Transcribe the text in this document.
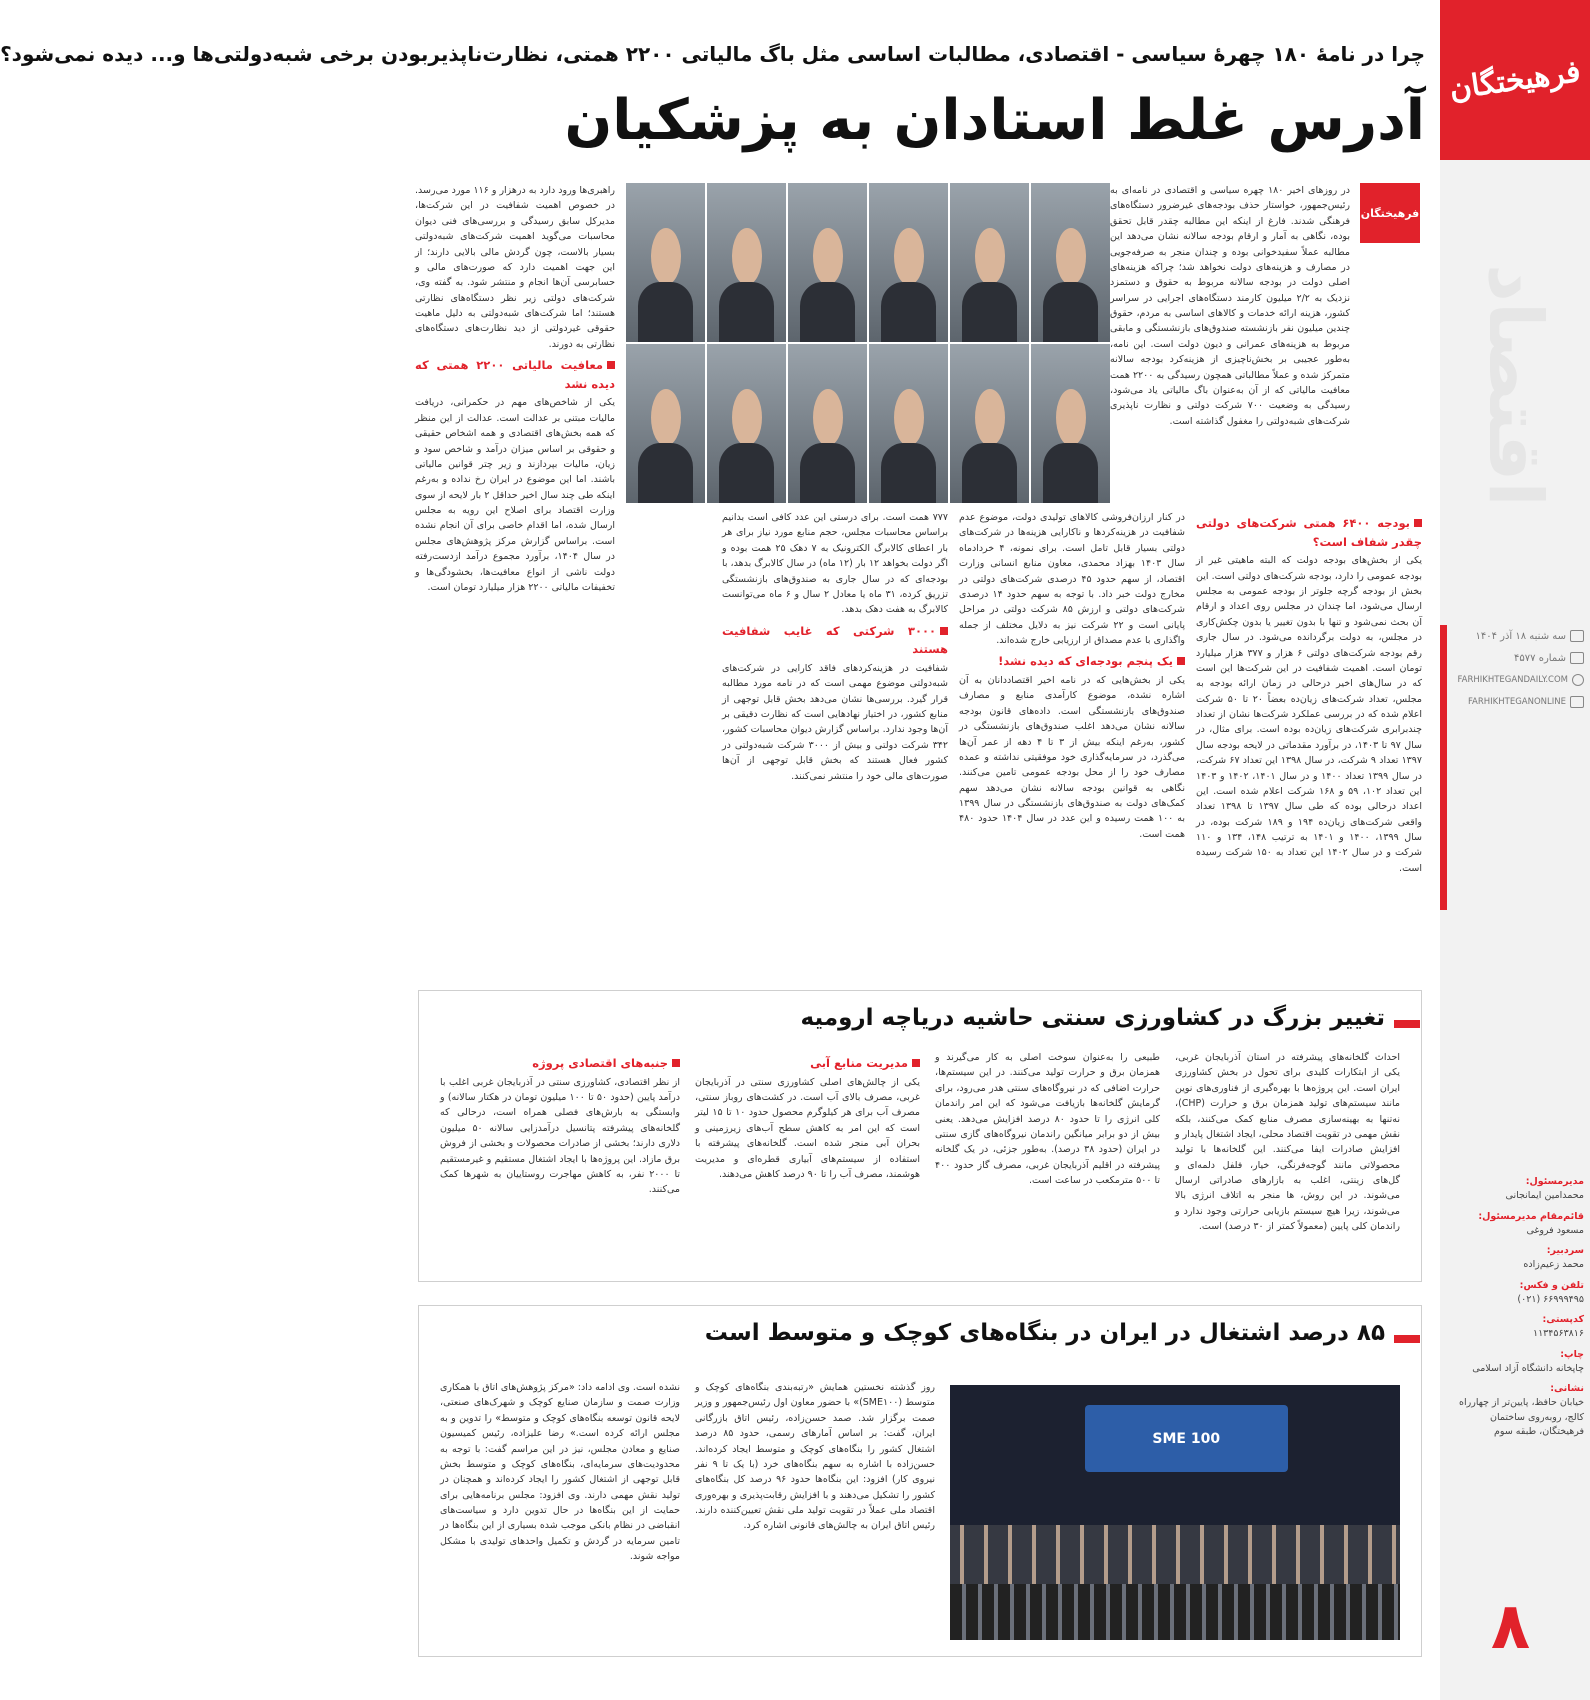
فرهیختگان
اقتصاد
سه شنبه ۱۸ آذر ۱۴۰۴
شماره ۴۵۷۷
FARHIKHTEGANDAILY.COM
FARHIKHTEGANONLINE
مدیرمسئول:
محمدامین ایمانجانی
قائم‌مقام مدیرمسئول:
مسعود فروغی
سردبیر:
محمد زعیم‌زاده
تلفن و فکس:
۶۶۹۹۹۴۹۵ (۰۲۱)
کدپستی:
۱۱۳۴۵۶۳۸۱۶
چاپ:
چاپخانه دانشگاه آزاد اسلامی
نشانی:
خیابان حافظ، پایین‌تر از چهارراه کالج، روبه‌روی ساختمان فرهیختگان، طبقه سوم
۸
چرا در نامهٔ ۱۸۰ چهرهٔ سیاسی - اقتصادی، مطالبات اساسی مثل باگ مالیاتی ۲۲۰۰ همتی، نظارت‌ناپذیربودن برخی شبه‌دولتی‌ها و... دیده نمی‌شود؟
آدرس غلط استادان به پزشکیان
فرهیختگان
در روزهای اخیر ۱۸۰ چهره سیاسی و اقتصادی در نامه‌ای به رئیس‌جمهور، خواستار حذف بودجه‌های غیرضرور دستگاه‌های فرهنگی شدند. فارغ از اینکه این مطالبه چقدر قابل تحقق بوده، نگاهی به آمار و ارقام بودجه سالانه نشان می‌دهد این مطالبه عملاً سفیدخوانی بوده و چندان منجر به صرفه‌جویی در مصارف و هزینه‌های دولت نخواهد شد؛ چراکه هزینه‌های اصلی دولت در بودجه سالانه مربوط به حقوق و دستمزد نزدیک به ۲/۲ میلیون کارمند دستگاه‌های اجرایی در سراسر کشور، هزینه ارائه خدمات و کالاهای اساسی به مردم، حقوق چندین میلیون نفر بازنشسته صندوق‌های بازنشستگی و مابقی مربوط به هزینه‌های عمرانی و دیون دولت است. این نامه، به‌طور عجیبی بر بخش‌ناچیزی از هزینه‌کرد بودجه سالانه متمرکز شده و عملاً مطالباتی همچون رسیدگی به ۲۲۰۰ همت معافیت مالیاتی که از آن به‌عنوان باگ مالیاتی یاد می‌شود، رسیدگی به وضعیت ۷۰۰ شرکت دولتی و نظارت ناپذیری شرکت‌های شبه‌دولتی را مغفول گذاشته است.
راهبری‌ها ورود دارد به درهزار و ۱۱۶ مورد می‌رسد. در خصوص اهمیت شفافیت در این شرکت‌ها، مدیرکل سابق رسیدگی و بررسی‌های فنی دیوان محاسبات می‌گوید اهمیت شرکت‌های شبه‌دولتی بسیار بالاست، چون گردش مالی بالایی دارند؛ از این جهت اهمیت دارد که صورت‌های مالی و حسابرسی آن‌ها انجام و منتشر شود. به گفته وی، شرکت‌های دولتی زیر نظر دستگاه‌های نظارتی هستند؛ اما شرکت‌های شبه‌دولتی به دلیل ماهیت حقوقی غیردولتی از دید نظارت‌های دستگاه‌های نظارتی به دورند.
معافیت مالیاتی ۲۲۰۰ همتی که دیده نشد
یکی از شاخص‌های مهم در حکمرانی، دریافت مالیات مبتنی بر عدالت است. عدالت از این منظر که همه بخش‌های اقتصادی و همه اشخاص حقیقی و حقوقی بر اساس میزان درآمد و شاخص سود و زیان، مالیات بپردازند و زیر چتر قوانین مالیاتی باشند. اما این موضوع در ایران رخ نداده و به‌رغم اینکه طی چند سال اخیر حداقل ۲ بار لایحه از سوی وزارت اقتصاد برای اصلاح این رویه به مجلس ارسال شده، اما اقدام خاصی برای آن انجام نشده است. براساس گزارش مرکز پژوهش‌های مجلس در سال ۱۴۰۴، برآورد مجموع درآمد ازدست‌رفته دولت ناشی از انواع معافیت‌ها، بخشودگی‌ها و تخفیفات مالیاتی ۲۲۰۰ هزار میلیارد تومان است.
بودجه ۶۴۰۰ همتی شرکت‌های دولتی چقدر شفاف است؟
یکی از بخش‌های بودجه دولت که البته ماهیتی غیر از بودجه عمومی را دارد، بودجه شرکت‌های دولتی است. این بخش از بودجه گرچه جلوتر از بودجه عمومی به مجلس ارسال می‌شود، اما چندان در مجلس روی اعداد و ارقام آن بحث نمی‌شود و تنها با بدون تغییر یا بدون چکش‌کاری در مجلس، به دولت برگردانده می‌شود. در سال جاری رقم بودجه شرکت‌های دولتی ۶ هزار و ۳۷۷ هزار میلیارد تومان است. اهمیت شفافیت در این شرکت‌ها این است که در سال‌های اخیر درحالی در زمان ارائه بودجه به مجلس، تعداد شرکت‌های زیان‌ده بعضاً ۲۰ تا ۵۰ شرکت اعلام شده که در بررسی عملکرد شرکت‌ها نشان از تعداد چندبرابری شرکت‌های زیان‌ده بوده است. برای مثال، در سال ۹۷ تا ۱۴۰۳، در برآورد مقدماتی در لایحه بودجه سال ۱۳۹۷ تعداد ۹ شرکت، در سال ۱۳۹۸ این تعداد ۶۷ شرکت، در سال ۱۳۹۹ تعداد ۱۴۰۰ و در سال ۱۴۰۱، ۱۴۰۲ و ۱۴۰۳ این تعداد ۱۰۲، ۵۹ و ۱۶۸ شرکت اعلام شده است. این اعداد درحالی بوده که طی سال ۱۳۹۷ تا ۱۳۹۸ تعداد واقعی شرکت‌های زیان‌ده ۱۹۴ و ۱۸۹ شرکت بوده، در سال ۱۳۹۹، ۱۴۰۰ و ۱۴۰۱ به ترتیب ۱۴۸، ۱۳۴ و ۱۱۰ شرکت و در سال ۱۴۰۲ این تعداد به ۱۵۰ شرکت رسیده است.
در کنار ارزان‌فروشی کالاهای تولیدی دولت، موضوع عدم شفافیت در هزینه‌کردها و ناکارایی هزینه‌ها در شرکت‌های دولتی بسیار قابل تامل است. برای نمونه، ۴ خردادماه سال ۱۴۰۳ بهزاد محمدی، معاون منابع انسانی وزارت اقتصاد، از سهم حدود ۴۵ درصدی شرکت‌های دولتی در مخارج دولت خبر داد. با توجه به سهم حدود ۱۴ درصدی شرکت‌های دولتی و ارزش ۸۵ شرکت دولتی در مراحل پایانی است و ۲۲ شرکت نیز به دلایل مختلف از جمله واگذاری با عدم مصداق از ارزیابی خارج شده‌اند.
یک پنجم بودجه‌ای که دیده نشد!
یکی از بخش‌هایی که در نامه اخیر اقتصاددانان به آن اشاره نشده، موضوع کارآمدی منابع و مصارف صندوق‌های بازنشستگی است. داده‌های قانون بودجه سالانه نشان می‌دهد اغلب صندوق‌های بازنشستگی در کشور، به‌رغم اینکه بیش از ۳ تا ۴ دهه از عمر آن‌ها می‌گذرد، در سرمایه‌گذاری خود موفقیتی نداشته و عمده مصارف خود را از محل بودجه عمومی تامین می‌کنند. نگاهی به قوانین بودجه سالانه نشان می‌دهد سهم کمک‌های دولت به صندوق‌های بازنشستگی در سال ۱۳۹۹ به ۱۰۰ همت رسیده و این عدد در سال ۱۴۰۴ حدود ۴۸۰ همت است.
۷۷۷ همت است. برای درستی این عدد کافی است بدانیم براساس محاسبات مجلس، حجم منابع مورد نیاز برای هر بار اعطای کالابرگ الکترونیک به ۷ دهک ۲۵ همت بوده و اگر دولت بخواهد ۱۲ بار (۱۲ ماه) در سال کالابرگ بدهد، با بودجه‌ای که در سال جاری به صندوق‌های بازنشستگی تزریق کرده، ۳۱ ماه یا معادل ۲ سال و ۶ ماه می‌توانست کالابرگ به هفت دهک بدهد.
۳۰۰۰ شرکتی که غایب شفافیت هستند
شفافیت در هزینه‌کردهای فاقد کارایی در شرکت‌های شبه‌دولتی موضوع مهمی است که در نامه مورد مطالبه قرار گیرد. بررسی‌ها نشان می‌دهد بخش قابل توجهی از منابع کشور، در اختیار نهادهایی است که نظارت دقیقی بر آن‌ها وجود ندارد. براساس گزارش دیوان محاسبات کشور، ۳۴۲ شرکت دولتی و بیش از ۳۰۰۰ شرکت شبه‌دولتی در کشور فعال هستند که بخش قابل توجهی از آن‌ها صورت‌های مالی خود را منتشر نمی‌کنند.
تغییر بزرگ در کشاورزی سنتی حاشیه دریاچه ارومیه
احداث گلخانه‌های پیشرفته در استان آذربایجان غربی، یکی از ابتکارات کلیدی برای تحول در بخش کشاورزی ایران است. این پروژه‌ها با بهره‌گیری از فناوری‌های نوین مانند سیستم‌های تولید همزمان برق و حرارت (CHP)، نه‌تنها به بهینه‌سازی مصرف منابع کمک می‌کنند، بلکه نقش مهمی در تقویت اقتصاد محلی، ایجاد اشتغال پایدار و افزایش صادرات ایفا می‌کنند. این گلخانه‌ها با تولید محصولاتی مانند گوجه‌فرنگی، خیار، فلفل دلمه‌ای و گل‌های زینتی، اغلب به بازارهای صادراتی ارسال می‌شوند. در این روش، ها منجر به اتلاف انرژی بالا می‌شوند، زیرا هیچ سیستم بازیابی حرارتی وجود ندارد و راندمان کلی پایین (معمولاً کمتر از ۳۰ درصد) است.
طبیعی را به‌عنوان سوخت اصلی به کار می‌گیرند و همزمان برق و حرارت تولید می‌کنند. در این سیستم‌ها، حرارت اضافی که در نیروگاه‌های سنتی هدر می‌رود، برای گرمایش گلخانه‌ها بازیافت می‌شود که این امر راندمان کلی انرژی را تا حدود ۸۰ درصد افزایش می‌دهد. یعنی بیش از دو برابر میانگین راندمان نیروگاه‌های گازی سنتی در ایران (حدود ۳۸ درصد). به‌طور جزئی، در یک گلخانه پیشرفته در اقلیم آذربایجان غربی، مصرف گاز حدود ۴۰۰ تا ۵۰۰ مترمکعب در ساعت است.
مدیریت منابع آبی
یکی از چالش‌های اصلی کشاورزی سنتی در آذربایجان غربی، مصرف بالای آب است. در کشت‌های روباز سنتی، مصرف آب برای هر کیلوگرم محصول حدود ۱۰ تا ۱۵ لیتر است که این امر به کاهش سطح آب‌های زیرزمینی و بحران آبی منجر شده است. گلخانه‌های پیشرفته با استفاده از سیستم‌های آبیاری قطره‌ای و مدیریت هوشمند، مصرف آب را تا ۹۰ درصد کاهش می‌دهند.
جنبه‌های اقتصادی پروژه
از نظر اقتصادی، کشاورزی سنتی در آذربایجان غربی اغلب با درآمد پایین (حدود ۵۰ تا ۱۰۰ میلیون تومان در هکتار سالانه) و وابستگی به بارش‌های فصلی همراه است، درحالی که گلخانه‌های پیشرفته پتانسیل درآمدزایی سالانه ۵۰ میلیون دلاری دارند؛ بخشی از صادرات محصولات و بخشی از فروش برق مازاد. این پروژه‌ها با ایجاد اشتغال مستقیم و غیرمستقیم تا ۲۰۰۰ نفر، به کاهش مهاجرت روستاییان به شهرها کمک می‌کنند.
۸۵ درصد اشتغال در ایران در بنگاه‌های کوچک و متوسط است
SME 100
روز گذشته نخستین همایش «رتبه‌بندی بنگاه‌های کوچک و متوسط (SME۱۰۰)» با حضور معاون اول رئیس‌جمهور و وزیر صمت برگزار شد. صمد حسن‌زاده، رئیس اتاق بازرگانی ایران، گفت: بر اساس آمارهای رسمی، حدود ۸۵ درصد اشتغال کشور را بنگاه‌های کوچک و متوسط ایجاد کرده‌اند. حسن‌زاده با اشاره به سهم بنگاه‌های خرد (با یک تا ۹ نفر نیروی کار) افزود: این بنگاه‌ها حدود ۹۶ درصد کل بنگاه‌های کشور را تشکیل می‌دهند و با افزایش رقابت‌پذیری و بهره‌وری اقتصاد ملی عملاً در تقویت تولید ملی نقش تعیین‌کننده دارند. رئیس اتاق ایران به چالش‌های قانونی اشاره کرد.
نشده است. وی ادامه داد: «مرکز پژوهش‌های اتاق با همکاری وزارت صمت و سازمان صنایع کوچک و شهرک‌های صنعتی، لایحه قانون توسعه بنگاه‌های کوچک و متوسط» را تدوین و به مجلس ارائه کرده است.» رضا علیزاده، رئیس کمیسیون صنایع و معادن مجلس، نیز در این مراسم گفت: با توجه به محدودیت‌های سرمایه‌ای، بنگاه‌های کوچک و متوسط بخش قابل توجهی از اشتغال کشور را ایجاد کرده‌اند و همچنان در تولید نقش مهمی دارند. وی افزود: مجلس برنامه‌هایی برای حمایت از این بنگاه‌ها در حال تدوین دارد و سیاست‌های انقباضی در نظام بانکی موجب شده بسیاری از این بنگاه‌ها در تامین سرمایه در گردش و تکمیل واحدهای تولیدی با مشکل مواجه شوند.
